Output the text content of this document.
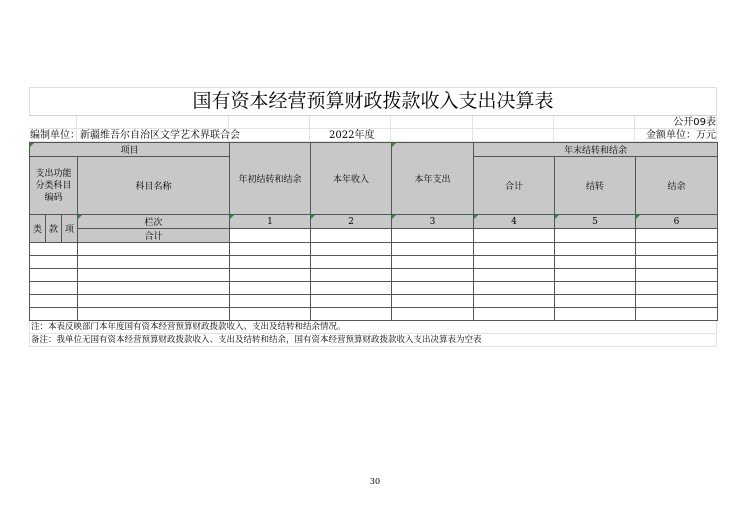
国有资本经营预算财政拨款收入支出决算表
公开09表
编制单位：新疆维吾尔自治区文学艺术界联合会	2022年度	金额单位：万元
项目				年初结转和结余	本年收入	本年支出	年末结转和结余		
支出功能分类科目编码			科目名称				合计	结转	结余

类	款	项	栏次	1	2	3	4	5	6
			合计						

注：本表反映部门本年度国有资本经营预算财政拨款收入、支出及结转和结余情况。
备注：我单位无国有资本经营预算财政拨款收入、支出及结转和结余，国有资本经营预算财政拨款收入支出决算表为空表
30
